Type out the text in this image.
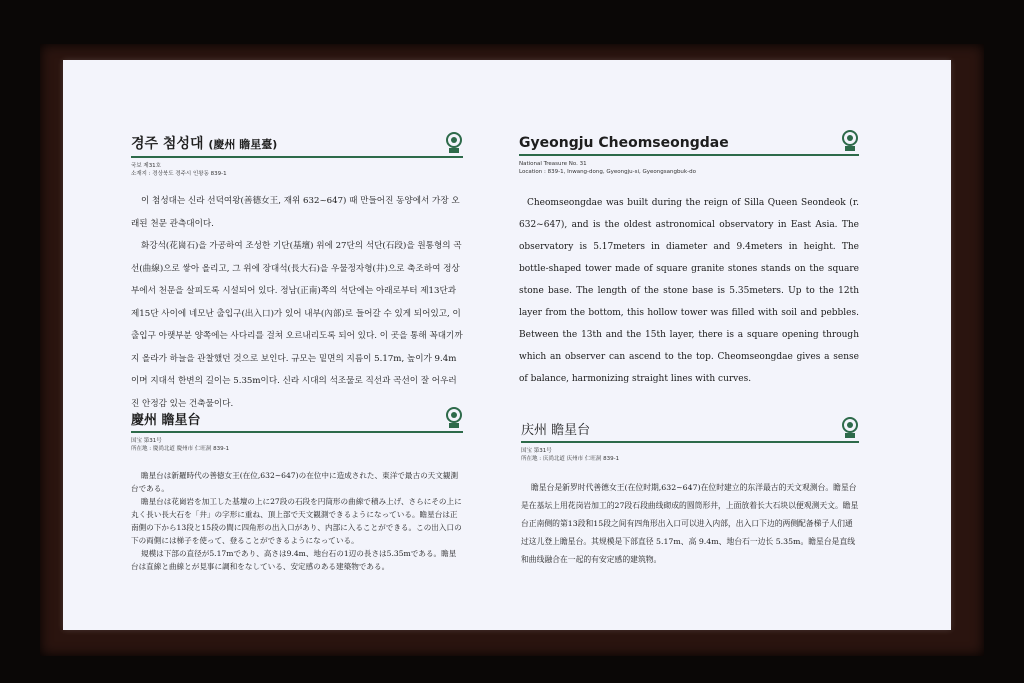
경주 첨성대 (慶州 瞻星臺)
국보 제31호
소재지 : 경상북도 경주시 인왕동 839-1

이 첨성대는 신라 선덕여왕(善德女王, 재위 632~647) 때 만들어진 동양에서 가장 오래된 천문 관측대이다.

화강석(花崗石)을 가공하여 조성한 기단(基壇) 위에 27단의 석단(石段)을 원통형의 곡선(曲線)으로 쌓아 올리고, 그 위에 장대석(長大石)을 우물정자형(井)으로 축조하여 정상부에서 천문을 살피도록 시설되어 있다. 정남(正南)쪽의 석단에는 아래로부터 제13단과 제15단 사이에 네모난 출입구(出入口)가 있어 내부(內部)로 들어갈 수 있게 되어있고, 이 출입구 아랫부분 양쪽에는 사다리를 걸쳐 오르내리도록 되어 있다. 이 곳을 통해 꼭대기까지 올라가 하늘을 관찰했던 것으로 보인다. 규모는 밑면의 지름이 5.17m, 높이가 9.4m이며 지대석 한변의 길이는 5.35m이다. 신라 시대의 석조물로 직선과 곡선이 잘 어우러진 안정감 있는 건축물이다.

Gyeongju Cheomseongdae
National Treasure No. 31
Location : 839-1, Inwang-dong, Gyeongju-si, Gyeongsangbuk-do

Cheomseongdae was built during the reign of Silla Queen Seondeok (r. 632~647), and is the oldest astronomical observatory in East Asia. The observatory is 5.17meters in diameter and 9.4meters in height. The bottle-shaped tower made of square granite stones stands on the square stone base. The length of the stone base is 5.35meters. Up to the 12th layer from the bottom, this hollow tower was filled with soil and pebbles. Between the 13th and the 15th layer, there is a square opening through which an observer can ascend to the top. Cheomseongdae gives a sense of balance, harmonizing straight lines with curves.

慶州 瞻星台
国宝 第31号
所在地 : 慶尚北道 慶州市 仁旺洞 839-1

瞻星台は新羅時代の善徳女王(在位,632~647)の在位中に造成された、東洋で最古の天文観測台である。

瞻星台は花崗岩を加工した基壇の上に27段の石段を円筒形の曲線で積み上げ、さらにその上に丸く長い長大石を「井」の字形に重ね、頂上部で天文観測できるようになっている。瞻星台は正南側の下から13段と15段の間に四角形の出入口があり、内部に入ることができる。この出入口の下の両側には梯子を使って、登ることができるようになっている。

規模は下部の直径が5.17mであり、高さは9.4m、地台石の1辺の長さは5.35mである。瞻星台は直線と曲線とが見事に調和をなしている、安定感のある建築物である。

庆州 瞻星台
国宝 第31号
所在地 : 庆尚北道 庆州市 仁旺洞 839-1

瞻星台是新罗时代善德女王(在位时期,632~647)在位时建立的东洋最古的天文观测台。瞻星台是在基坛上用花岗岩加工的27段石段曲线砌成的圆筒形井，上面放着长大石块以便观测天文。瞻星台正南侧的第13段和15段之间有四角形出入口可以进入内部，出入口下边的两侧配备梯子人们通过这儿登上瞻星台。其规模是下部直径 5.17m、高 9.4m、地台石一边长 5.35m。瞻星台是直线和曲线融合在一起的有安定感的建筑物。
